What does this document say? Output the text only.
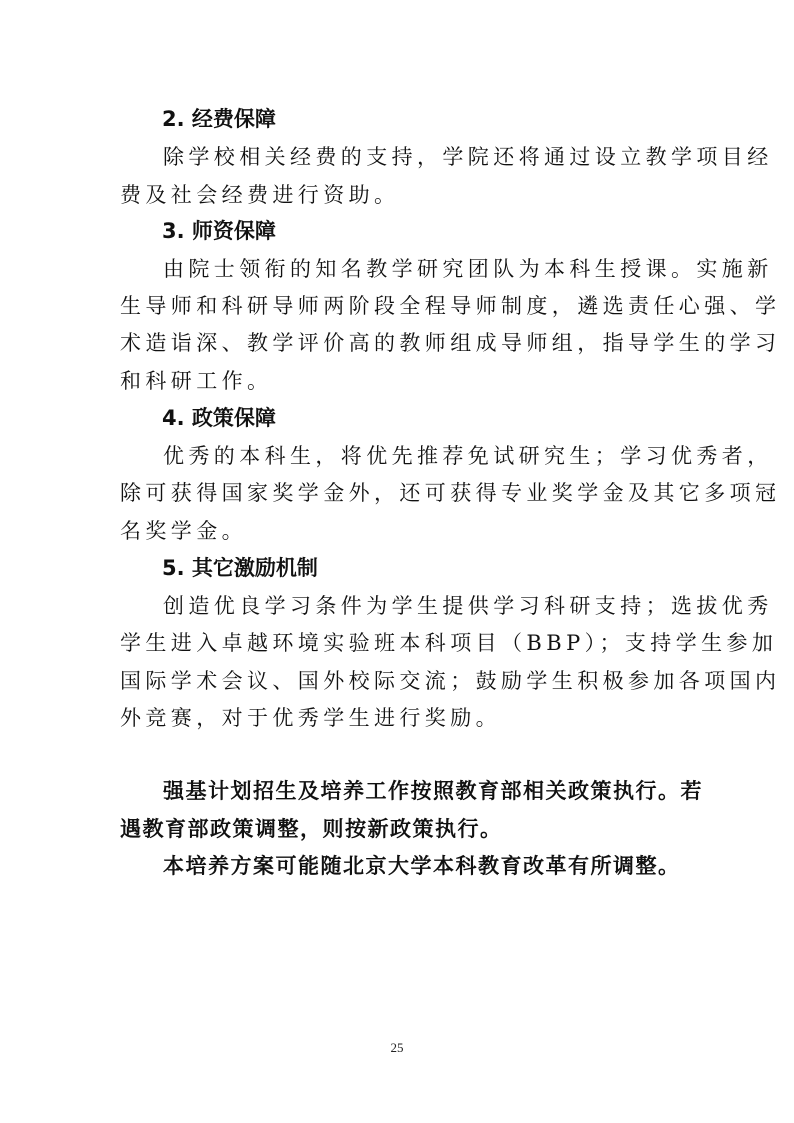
2. 经费保障
除学校相关经费的支持，学院还将通过设立教学项目经
费及社会经费进行资助。
3. 师资保障
由院士领衔的知名教学研究团队为本科生授课。实施新
生导师和科研导师两阶段全程导师制度，遴选责任心强、学
术造诣深、教学评价高的教师组成导师组，指导学生的学习
和科研工作。
4. 政策保障
优秀的本科生，将优先推荐免试研究生；学习优秀者，
除可获得国家奖学金外，还可获得专业奖学金及其它多项冠
名奖学金。
5. 其它激励机制
创造优良学习条件为学生提供学习科研支持；选拔优秀
学生进入卓越环境实验班本科项目（BBP）；支持学生参加
国际学术会议、国外校际交流；鼓励学生积极参加各项国内
外竞赛，对于优秀学生进行奖励。
强基计划招生及培养工作按照教育部相关政策执行。若
遇教育部政策调整，则按新政策执行。
本培养方案可能随北京大学本科教育改革有所调整。
25
